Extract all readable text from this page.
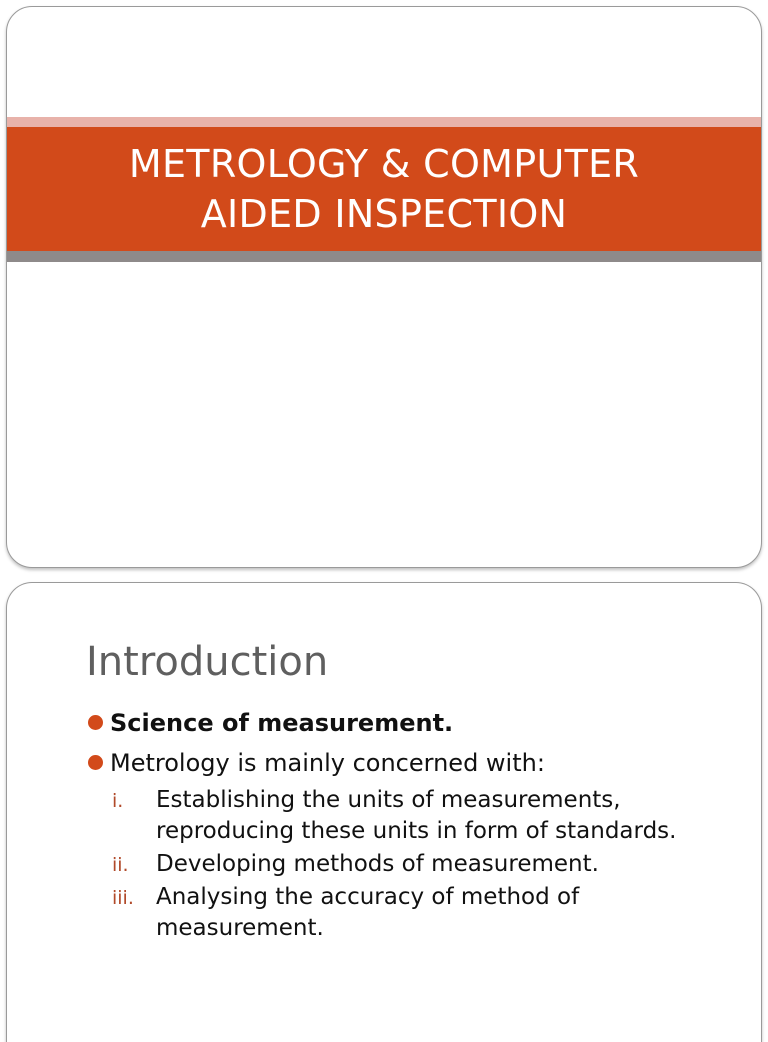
METROLOGY & COMPUTER
AIDED INSPECTION
Introduction
Science of measurement.
Metrology is mainly concerned with:
i. Establishing the units of measurements, reproducing these units in form of standards.
ii. Developing methods of measurement.
iii. Analysing the accuracy of method of measurement.
